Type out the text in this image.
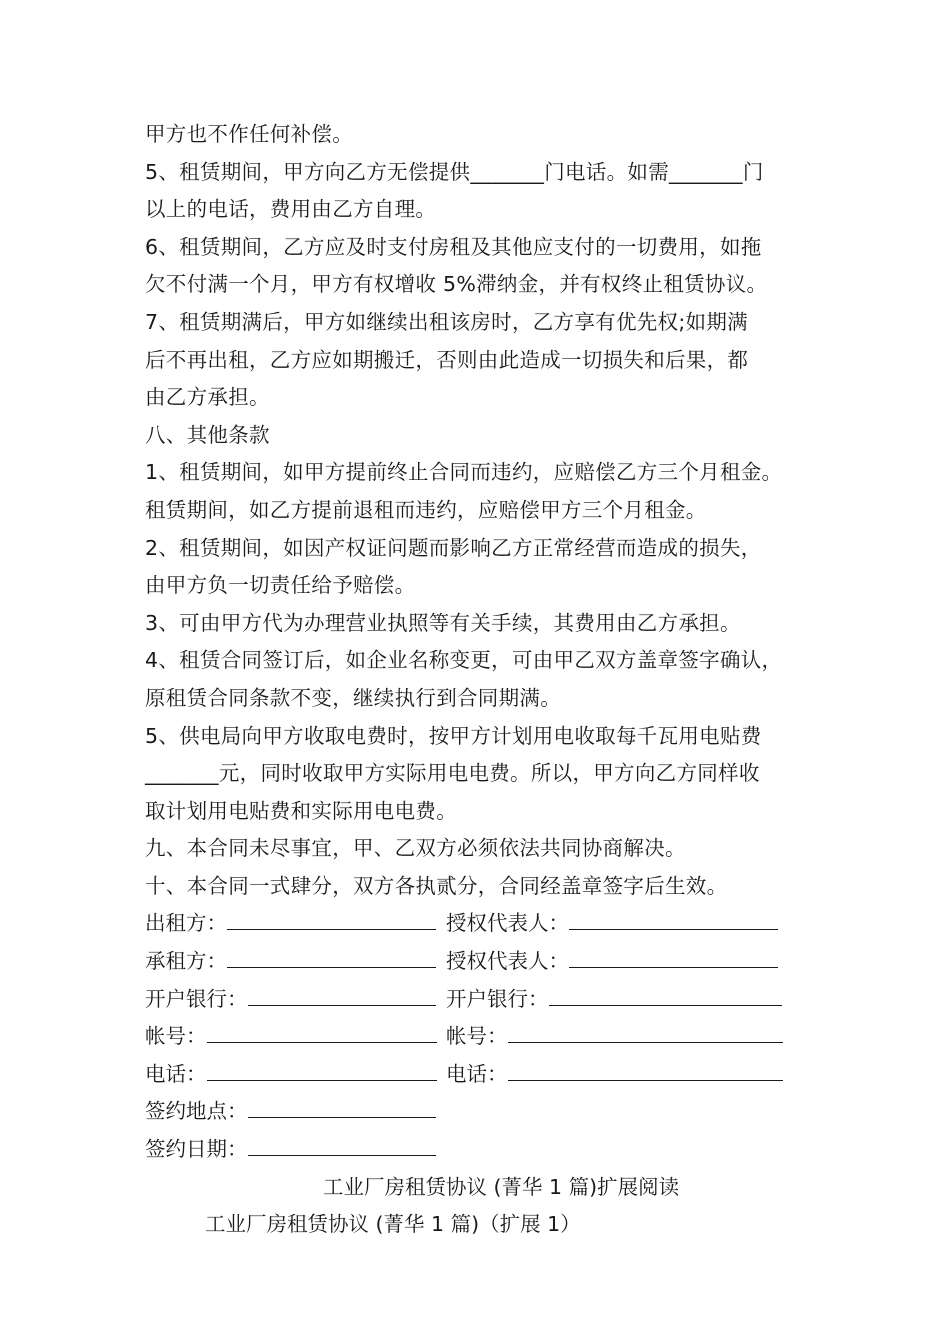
甲方也不作任何补偿。
5、租赁期间，甲方向乙方无偿提供_______门电话。如需_______门
以上的电话，费用由乙方自理。
6、租赁期间，乙方应及时支付房租及其他应支付的一切费用，如拖
欠不付满一个月，甲方有权增收 5%滞纳金，并有权终止租赁协议。
7、租赁期满后，甲方如继续出租该房时，乙方享有优先权;如期满
后不再出租，乙方应如期搬迁，否则由此造成一切损失和后果，都
由乙方承担。
八、其他条款
1、租赁期间，如甲方提前终止合同而违约，应赔偿乙方三个月租金。
租赁期间，如乙方提前退租而违约，应赔偿甲方三个月租金。
2、租赁期间，如因产权证问题而影响乙方正常经营而造成的损失，
由甲方负一切责任给予赔偿。
3、可由甲方代为办理营业执照等有关手续，其费用由乙方承担。
4、租赁合同签订后，如企业名称变更，可由甲乙双方盖章签字确认，
原租赁合同条款不变，继续执行到合同期满。
5、供电局向甲方收取电费时，按甲方计划用电收取每千瓦用电贴费
_______元，同时收取甲方实际用电电费。所以，甲方向乙方同样收
取计划用电贴费和实际用电电费。
九、本合同未尽事宜，甲、乙双方必须依法共同协商解决。
十、本合同一式肆分，双方各执贰分，合同经盖章签字后生效。
出租方：	授权代表人：
承租方：	授权代表人：
开户银行：	开户银行：
帐号：	帐号：
电话：	电话：
签约地点：
签约日期：
工业厂房租赁协议 (菁华 1 篇)扩展阅读
工业厂房租赁协议 (菁华 1 篇)（扩展 1）
